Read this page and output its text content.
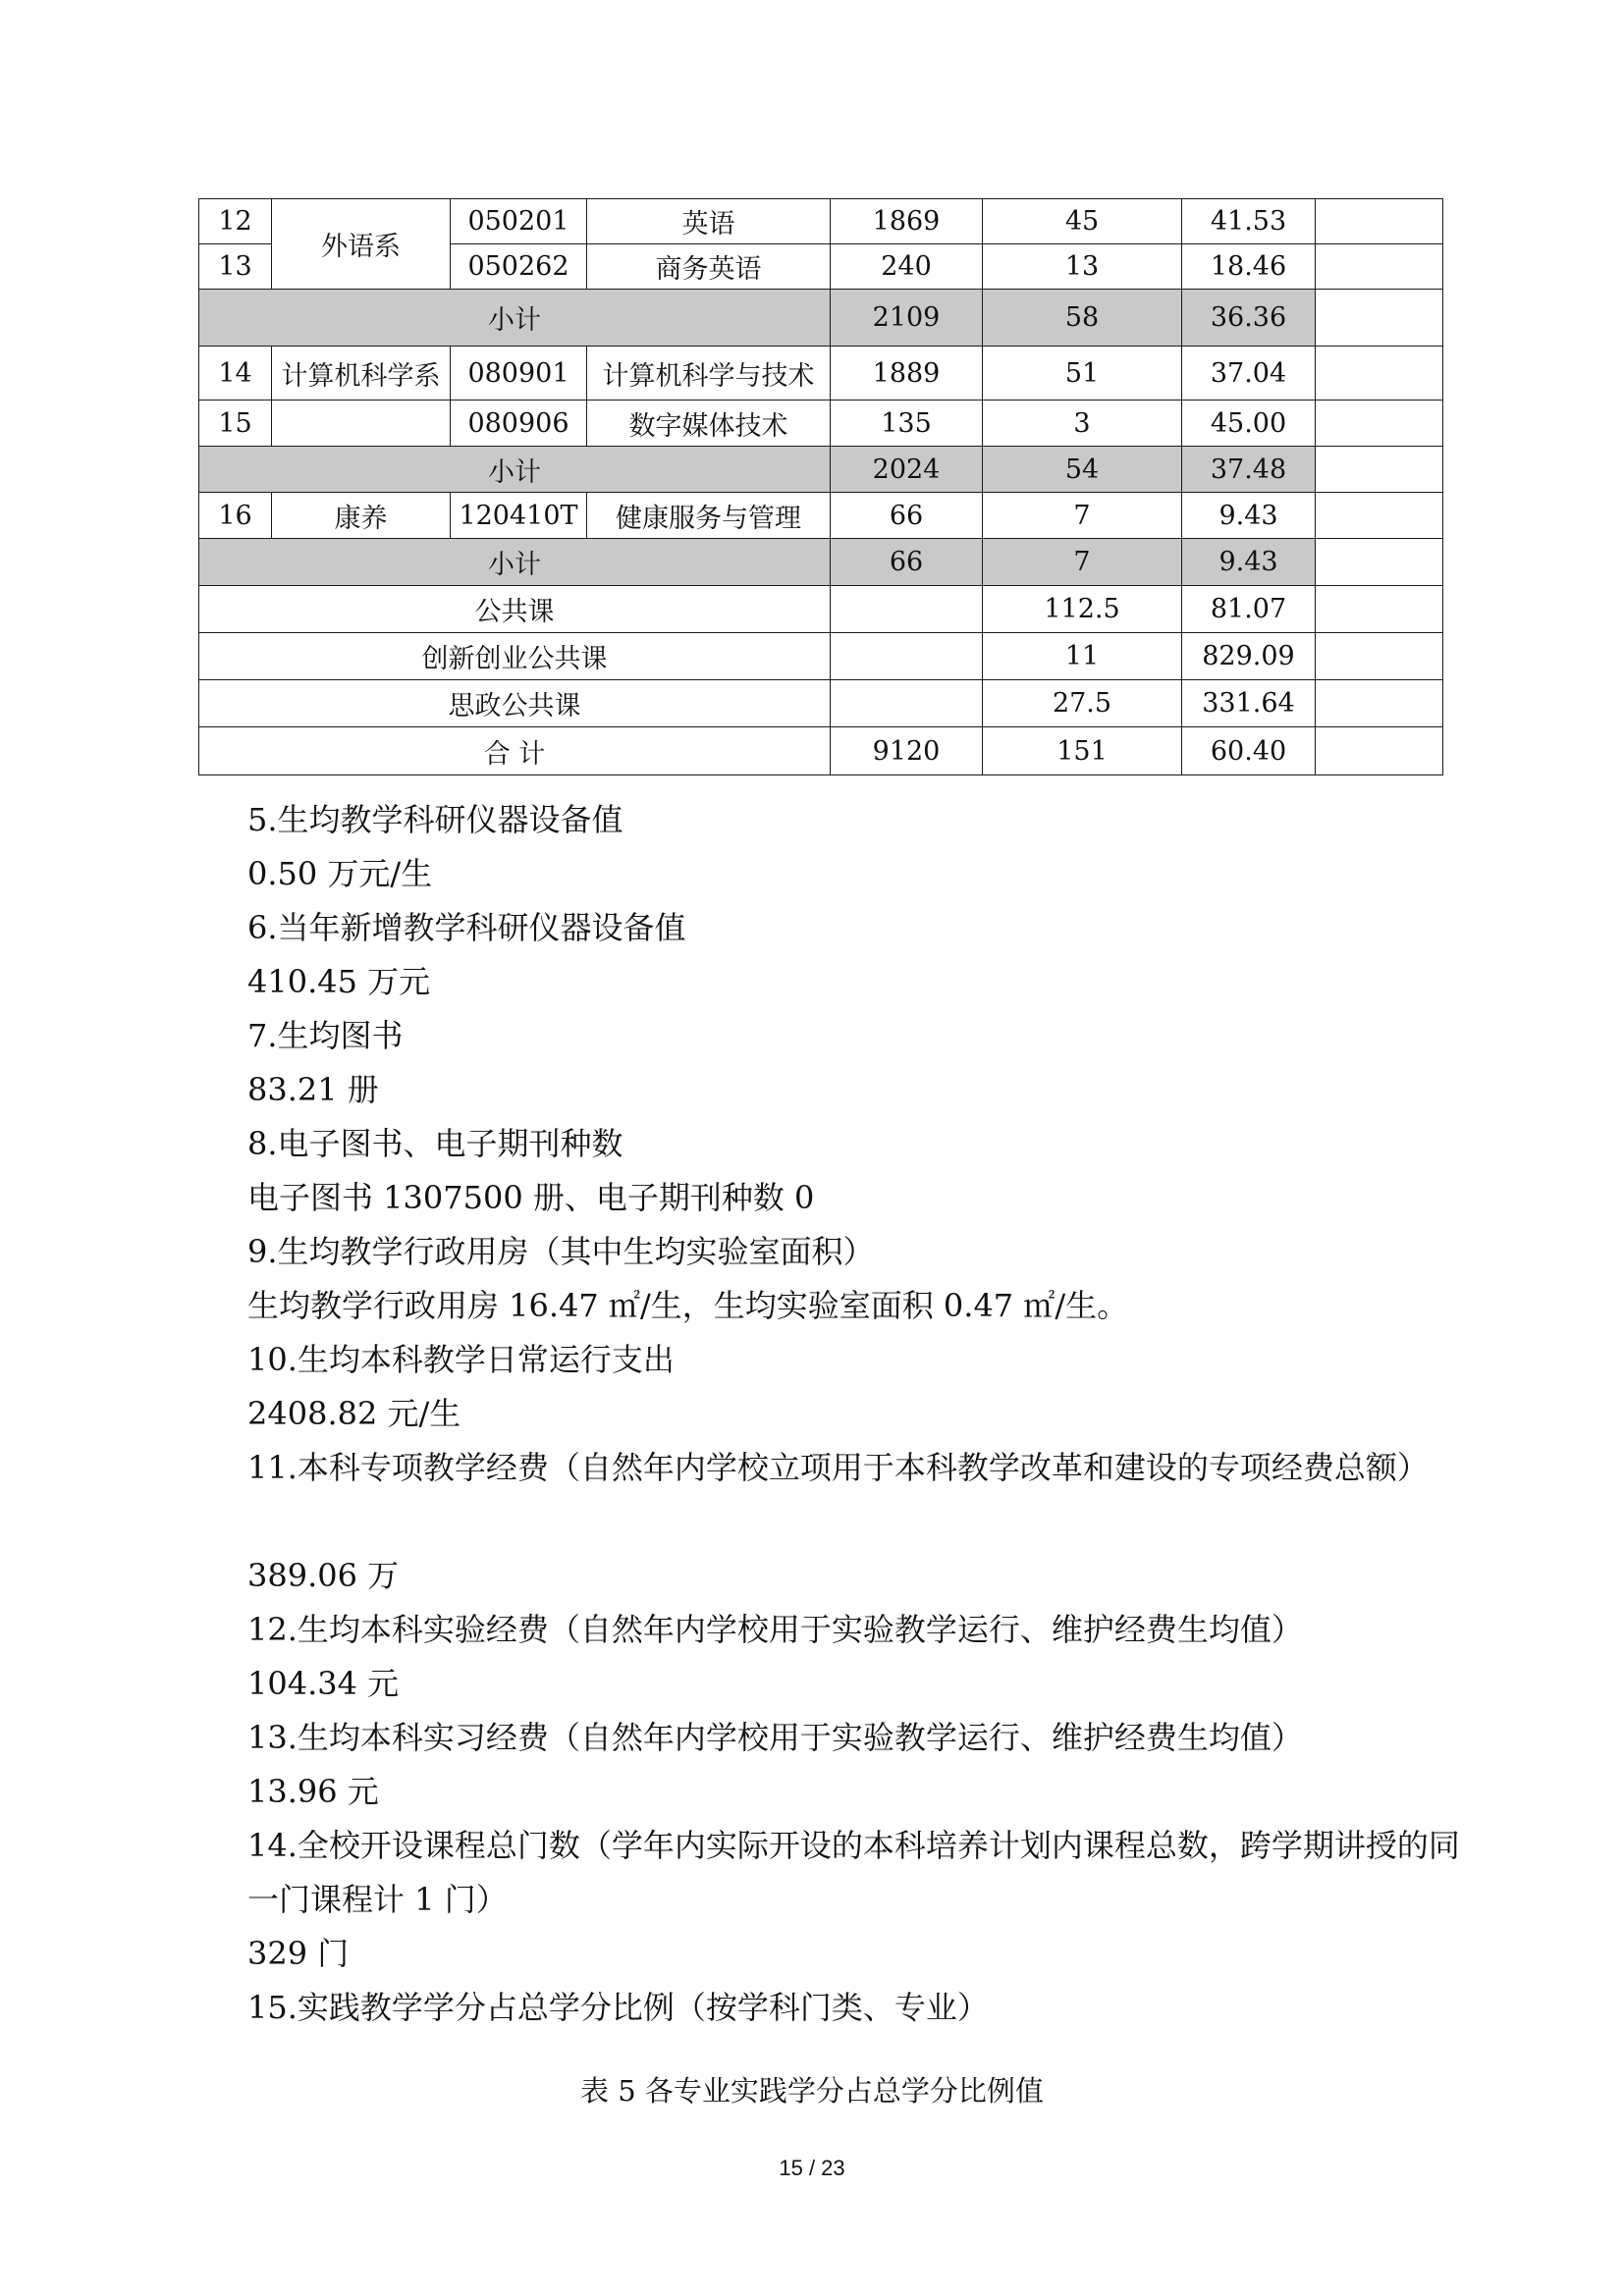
12	外语系	050201	英语	1869	45	41.53	
13		050262	商务英语	240	13	18.46	
小计				2109	58	36.36	
14	计算机科学系	080901	计算机科学与技术	1889	51	37.04	
15		080906	数字媒体技术	135	3	45.00	
小计				2024	54	37.48	
16	康养	120410T	健康服务与管理	66	7	9.43	
小计				66	7	9.43	
公共课					112.5	81.07	
创新创业公共课					11	829.09	
思政公共课					27.5	331.64	
合 计				9120	151	60.40	

5.生均教学科研仪器设备值

0.50 万元/生

6.当年新增教学科研仪器设备值

410.45 万元

7.生均图书

83.21 册

8.电子图书、电子期刊种数

电子图书 1307500 册、电子期刊种数 0

9.生均教学行政用房（其中生均实验室面积）

生均教学行政用房 16.47 ㎡/生，生均实验室面积 0.47 ㎡/生。

10.生均本科教学日常运行支出

2408.82 元/生

11.本科专项教学经费（自然年内学校立项用于本科教学改革和建设的专项经费总额）

389.06 万

12.生均本科实验经费（自然年内学校用于实验教学运行、维护经费生均值）

104.34 元

13.生均本科实习经费（自然年内学校用于实验教学运行、维护经费生均值）

13.96 元

14.全校开设课程总门数（学年内实际开设的本科培养计划内课程总数，跨学期讲授的同一门课程计 1 门）

329 门

15.实践教学学分占总学分比例（按学科门类、专业）

表 5 各专业实践学分占总学分比例值

15 / 23
